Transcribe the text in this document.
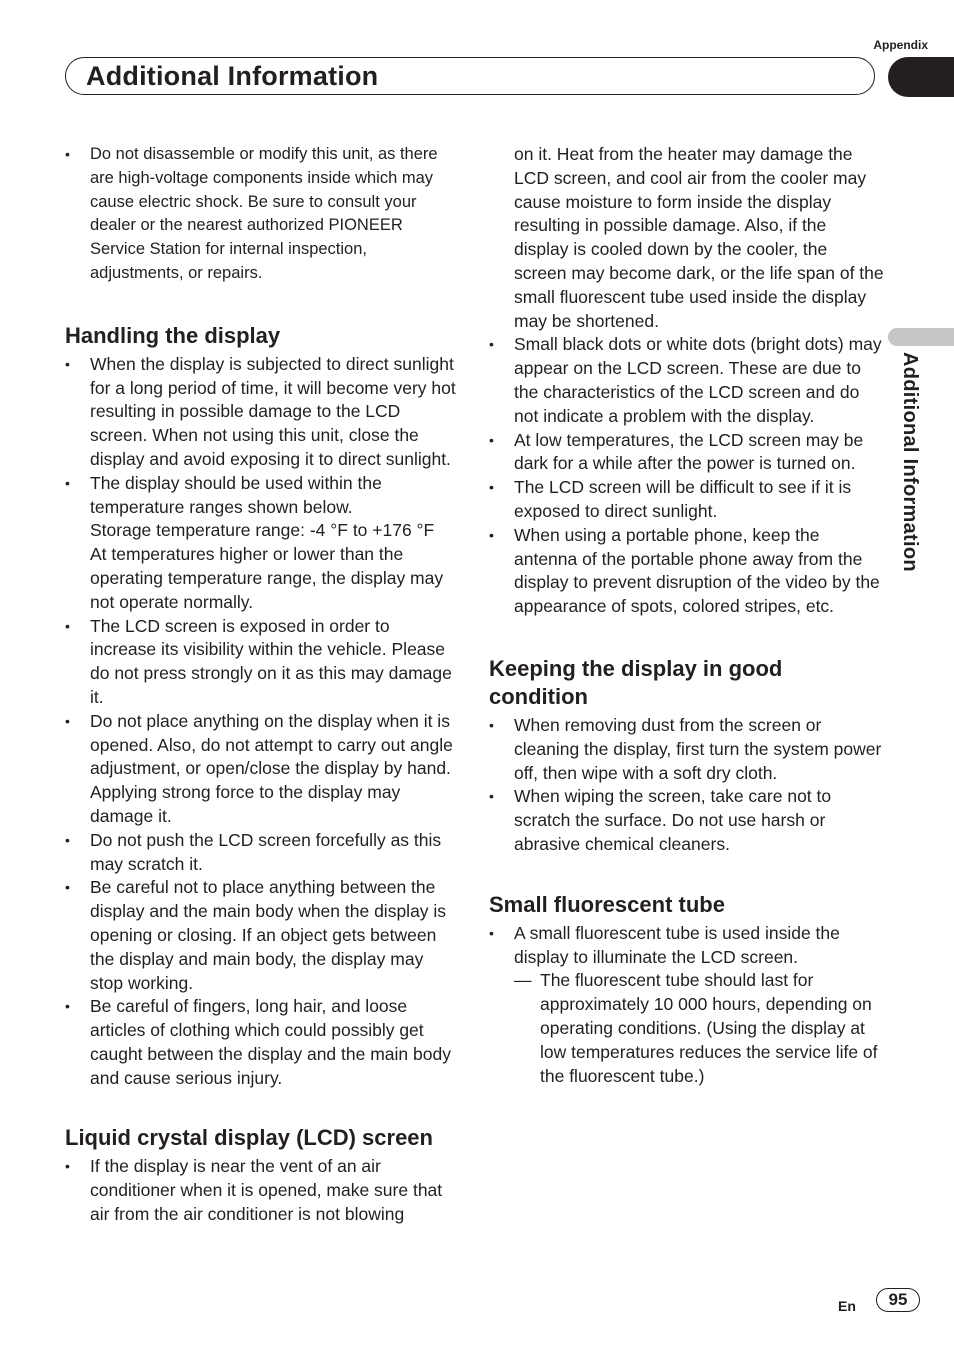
Appendix
Additional Information
Additional Information
• Do not disassemble or modify this unit, as there are high-voltage components inside which may cause electric shock. Be sure to consult your dealer or the nearest authorized PIONEER Service Station for internal inspection, adjustments, or repairs.
Handling the display
• When the display is subjected to direct sunlight for a long period of time, it will become very hot resulting in possible damage to the LCD screen. When not using this unit, close the display and avoid exposing it to direct sunlight.
• The display should be used within the temperature ranges shown below.
Storage temperature range: -4 °F to +176 °F
At temperatures higher or lower than the operating temperature range, the display may not operate normally.
• The LCD screen is exposed in order to increase its visibility within the vehicle. Please do not press strongly on it as this may damage it.
• Do not place anything on the display when it is opened. Also, do not attempt to carry out angle adjustment, or open/close the display by hand. Applying strong force to the display may damage it.
• Do not push the LCD screen forcefully as this may scratch it.
• Be careful not to place anything between the display and the main body when the display is opening or closing. If an object gets between the display and main body, the display may stop working.
• Be careful of fingers, long hair, and loose articles of clothing which could possibly get caught between the display and the main body and cause serious injury.
Liquid crystal display (LCD) screen
• If the display is near the vent of an air conditioner when it is opened, make sure that air from the air conditioner is not blowing
on it. Heat from the heater may damage the LCD screen, and cool air from the cooler may cause moisture to form inside the display resulting in possible damage. Also, if the display is cooled down by the cooler, the screen may become dark, or the life span of the small fluorescent tube used inside the display may be shortened.
• Small black dots or white dots (bright dots) may appear on the LCD screen. These are due to the characteristics of the LCD screen and do not indicate a problem with the display.
• At low temperatures, the LCD screen may be dark for a while after the power is turned on.
• The LCD screen will be difficult to see if it is exposed to direct sunlight.
• When using a portable phone, keep the antenna of the portable phone away from the display to prevent disruption of the video by the appearance of spots, colored stripes, etc.
Keeping the display in good condition
• When removing dust from the screen or cleaning the display, first turn the system power off, then wipe with a soft dry cloth.
• When wiping the screen, take care not to scratch the surface. Do not use harsh or abrasive chemical cleaners.
Small fluorescent tube
• A small fluorescent tube is used inside the display to illuminate the LCD screen.
— The fluorescent tube should last for approximately 10 000 hours, depending on operating conditions. (Using the display at low temperatures reduces the service life of the fluorescent tube.)
En	95
